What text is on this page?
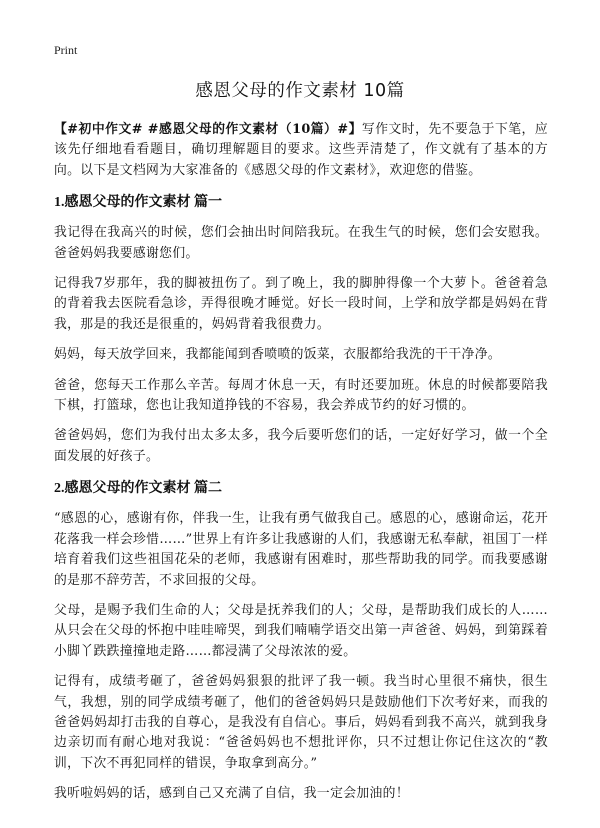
Print
感恩父母的作文素材 10篇

【#初中作文# #感恩父母的作文素材（10篇）#】写作文时，先不要急于下笔，应该先仔细地看看题目，确切理解题目的要求。这些弄清楚了，作文就有了基本的方向。以下是文档网为大家准备的《感恩父母的作文素材》，欢迎您的借鉴。

1.感恩父母的作文素材 篇一

我记得在我高兴的时候，您们会抽出时间陪我玩。在我生气的时候，您们会安慰我。爸爸妈妈我要感谢您们。

记得我7岁那年，我的脚被扭伤了。到了晚上，我的脚肿得像一个大萝卜。爸爸着急的背着我去医院看急诊，弄得很晚才睡觉。好长一段时间，上学和放学都是妈妈在背我，那是的我还是很重的，妈妈背着我很费力。

妈妈，每天放学回来，我都能闻到香喷喷的饭菜，衣服都给我洗的干干净净。

爸爸，您每天工作那么辛苦。每周才休息一天，有时还要加班。休息的时候都要陪我下棋，打篮球，您也让我知道挣钱的不容易，我会养成节约的好习惯的。

爸爸妈妈，您们为我付出太多太多，我今后要听您们的话，一定好好学习，做一个全面发展的好孩子。

2.感恩父母的作文素材 篇二

“感恩的心，感谢有你，伴我一生，让我有勇气做我自己。感恩的心，感谢命运，花开花落我一样会珍惜……”世界上有许多让我感谢的人们，我感谢无私奉献，祖国丁一样培育着我们这些祖国花朵的老师，我感谢有困难时，那些帮助我的同学。而我要感谢的是那不辞劳苦，不求回报的父母。

父母，是赐予我们生命的人；父母是抚养我们的人；父母，是帮助我们成长的人……从只会在父母的怀抱中哇哇啼哭，到我们喃喃学语交出第一声爸爸、妈妈，到第踩着小脚丫跌跌撞撞地走路……都浸满了父母浓浓的爱。

记得有，成绩考砸了，爸爸妈妈狠狠的批评了我一顿。我当时心里很不痛快，很生气，我想，别的同学成绩考砸了，他们的爸爸妈妈只是鼓励他们下次考好来，而我的爸爸妈妈却打击我的自尊心，是我没有自信心。事后，妈妈看到我不高兴，就到我身边亲切而有耐心地对我说：“爸爸妈妈也不想批评你，只不过想让你记住这次的“教训，下次不再犯同样的错误，争取拿到高分。”

我听啦妈妈的话，感到自己又充满了自信，我一定会加油的！
